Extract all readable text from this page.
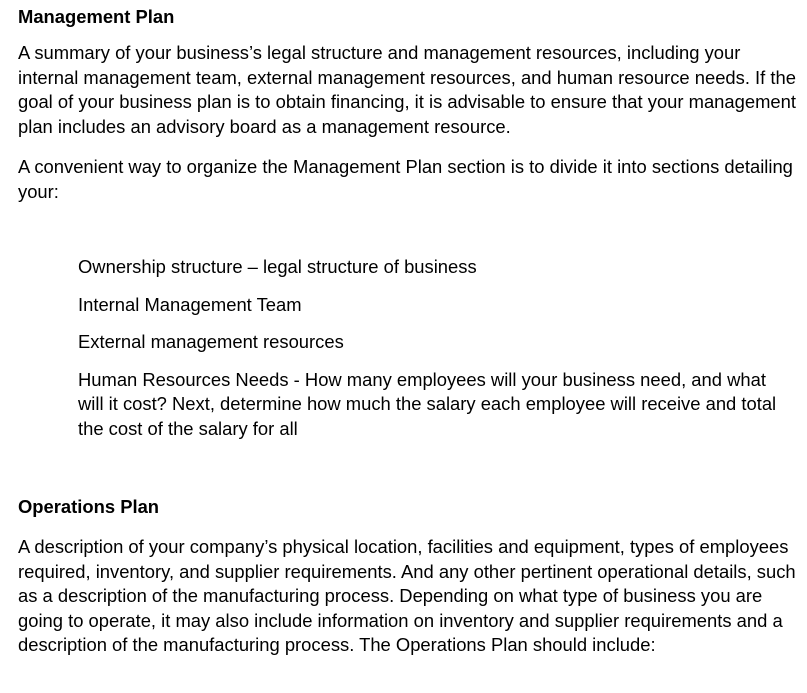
Management Plan

A summary of your business’s legal structure and management resources, including your internal management team, external management resources, and human resource needs. If the goal of your business plan is to obtain financing, it is advisable to ensure that your management plan includes an advisory board as a management resource.

A convenient way to organize the Management Plan section is to divide it into sections detailing your:

Ownership structure – legal structure of business
Internal Management Team
External management resources
Human Resources Needs - How many employees will your business need, and what will it cost? Next, determine how much the salary each employee will receive and total the cost of the salary for all
Operations Plan

A description of your company’s physical location, facilities and equipment, types of employees required, inventory, and supplier requirements. And any other pertinent operational details, such as a description of the manufacturing process. Depending on what type of business you are going to operate, it may also include information on inventory and supplier requirements and a description of the manufacturing process. The Operations Plan should include:
